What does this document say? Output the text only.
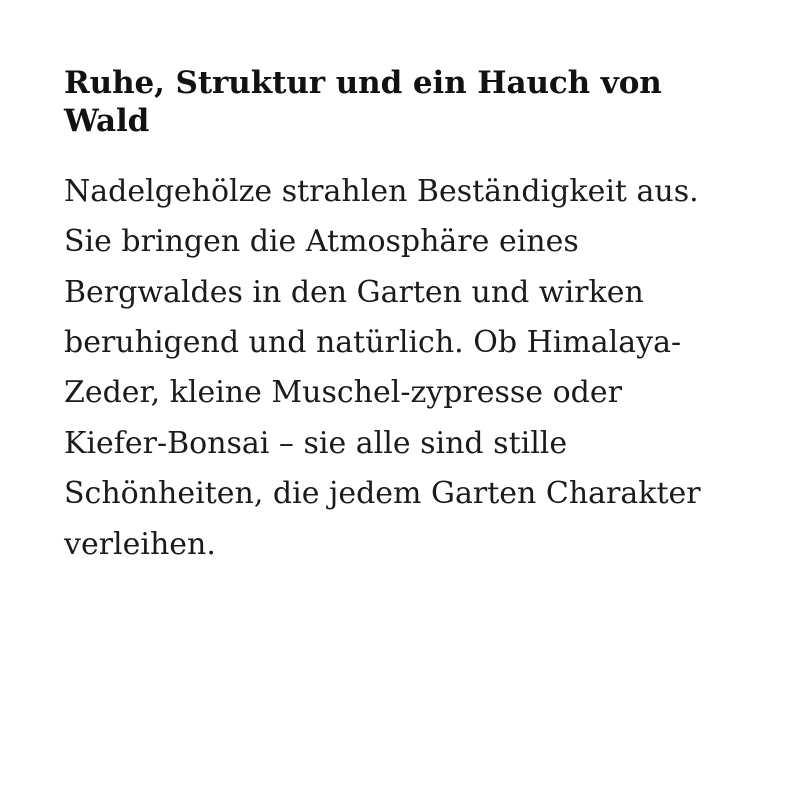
Ruhe, Struktur und ein Hauch von Wald

Nadelgehölze strahlen Beständigkeit aus. Sie bringen die Atmosphäre eines Bergwaldes in den Garten und wirken beruhigend und natürlich. Ob Himalaya-Zeder, kleine Muschel-zypresse oder Kiefer-Bonsai – sie alle sind stille Schönheiten, die jedem Garten Charakter verleihen.
